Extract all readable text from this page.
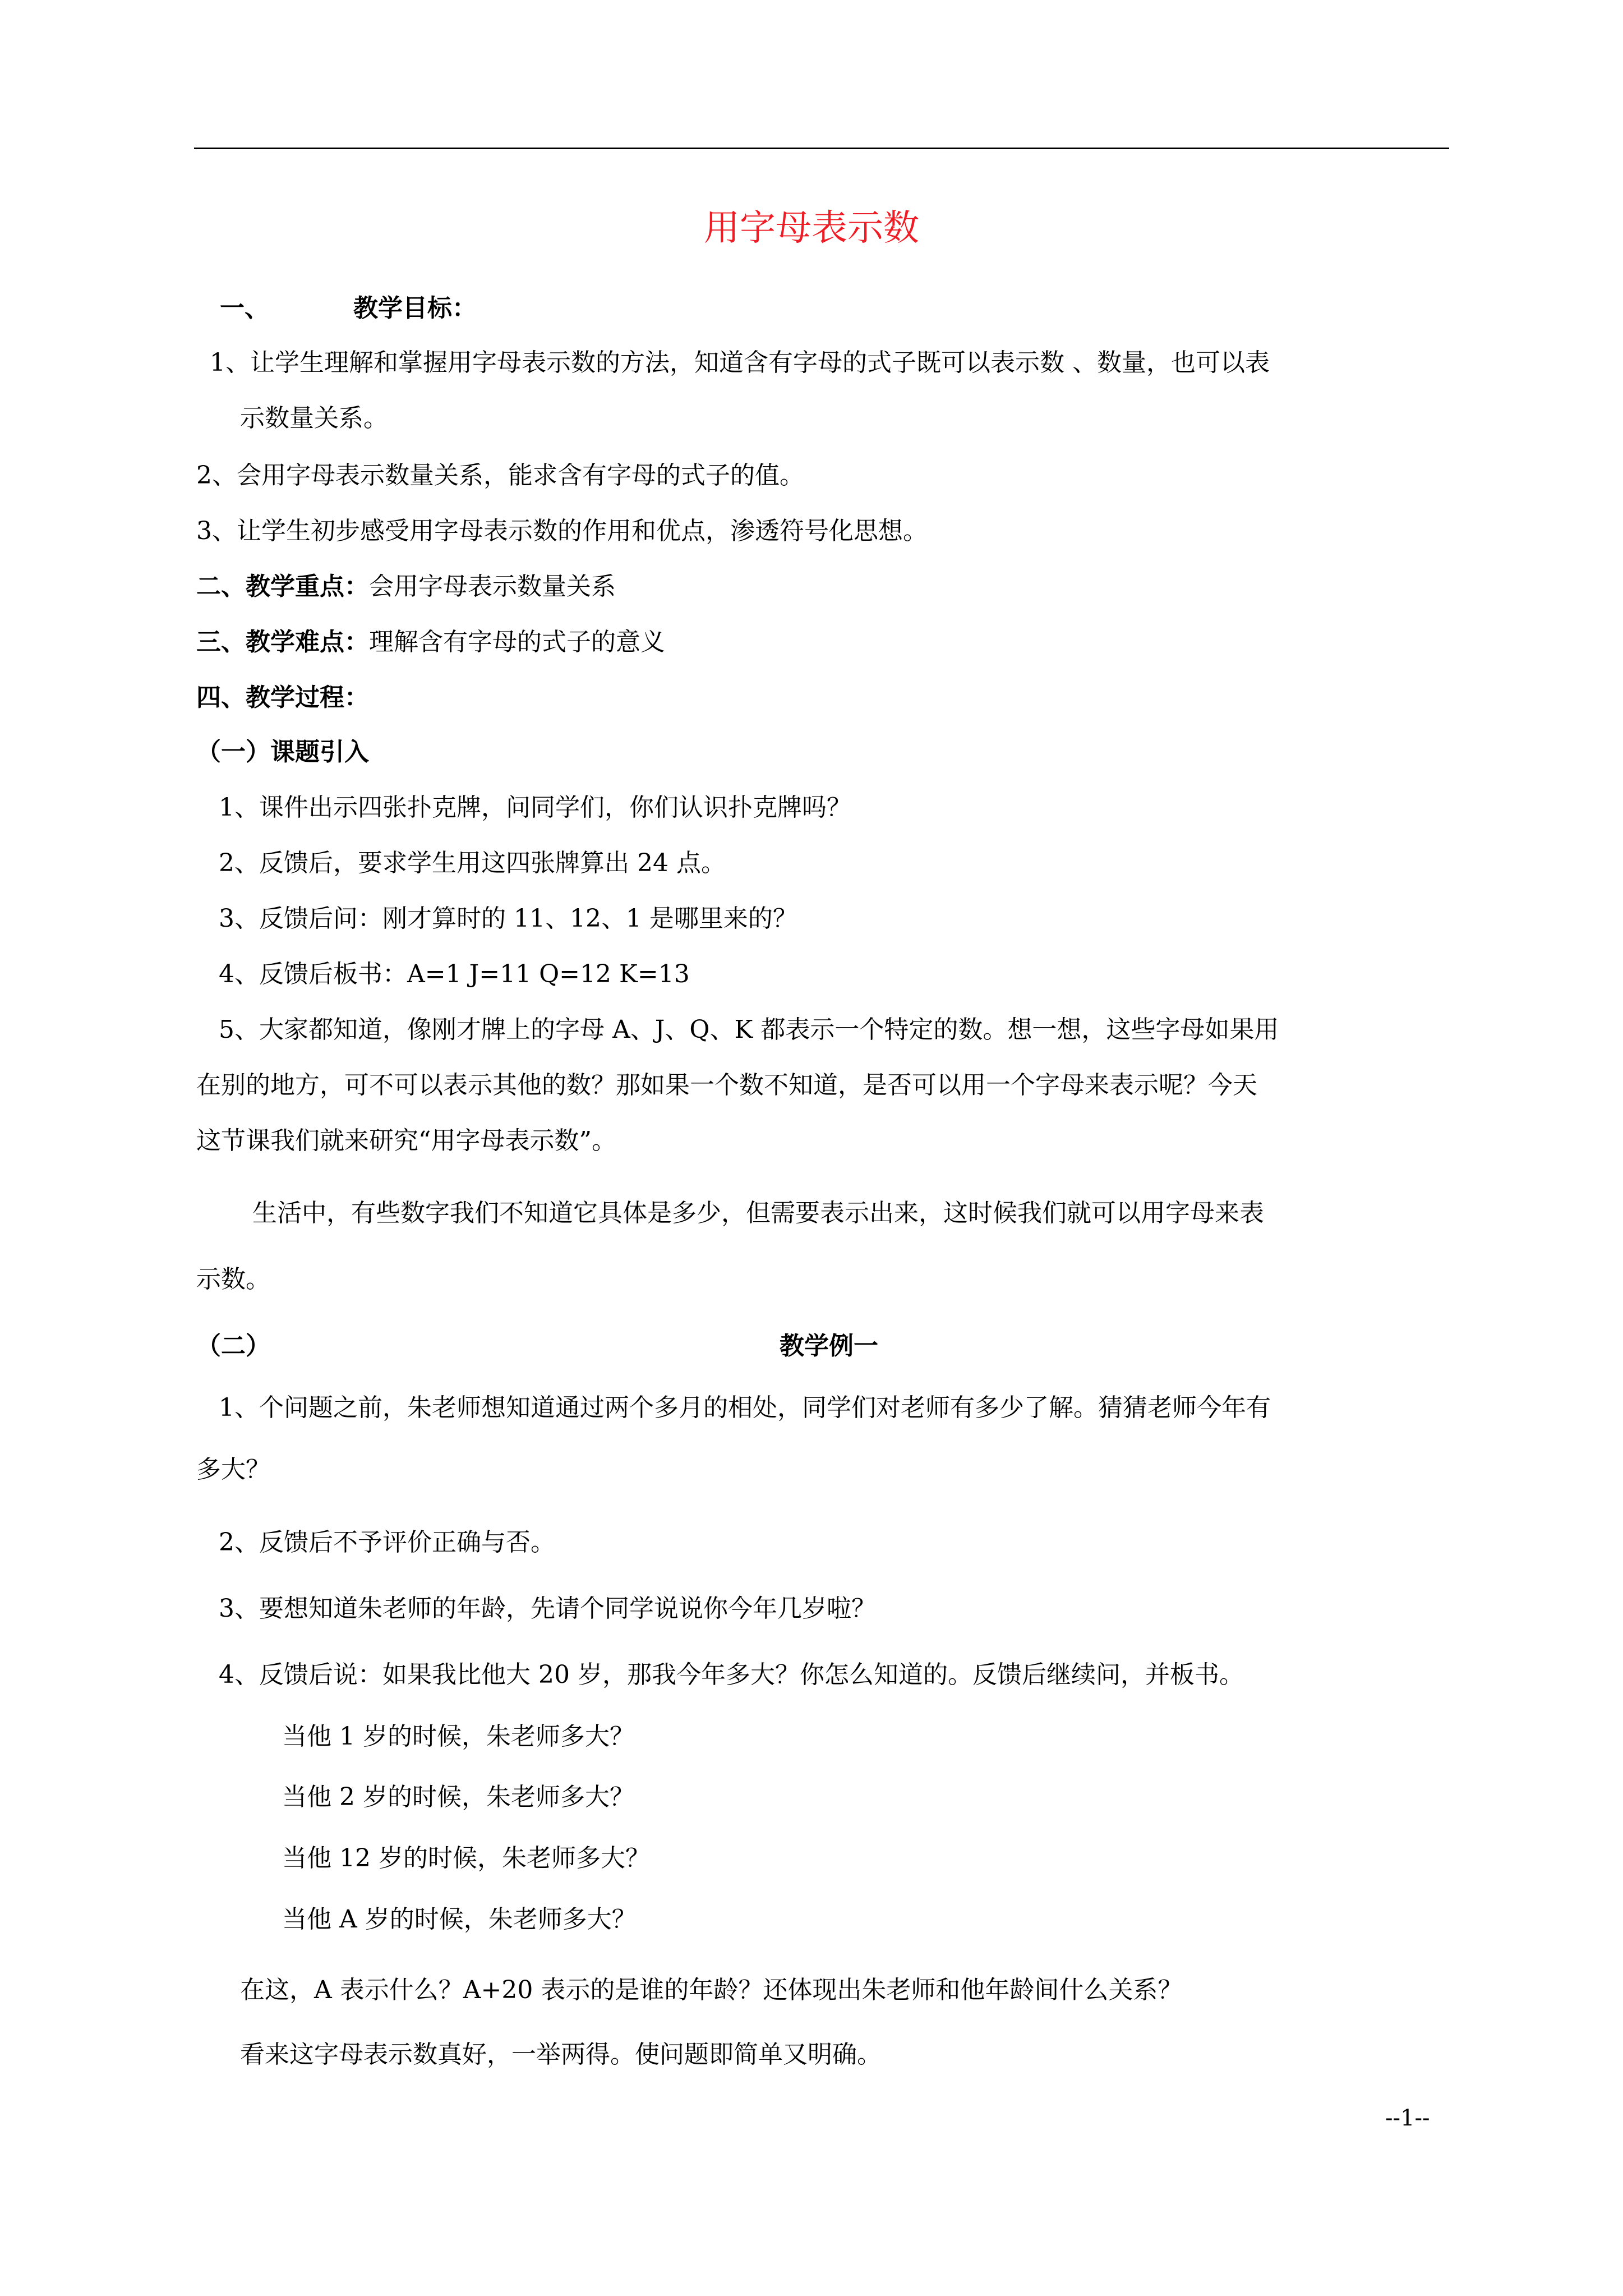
用字母表示数
一、	教学目标：
1、让学生理解和掌握用字母表示数的方法，知道含有字母的式子既可以表示数 、数量，也可以表
示数量关系。
2、会用字母表示数量关系，能求含有字母的式子的值。
3、让学生初步感受用字母表示数的作用和优点，渗透符号化思想。
二、教学重点：会用字母表示数量关系
三、教学难点：理解含有字母的式子的意义
四、教学过程：
（一）课题引入
1、课件出示四张扑克牌，问同学们，你们认识扑克牌吗？
2、反馈后，要求学生用这四张牌算出 24 点。
3、反馈后问：刚才算时的 11、12、1 是哪里来的？
4、反馈后板书：A=1 J=11 Q=12 K=13
5、大家都知道，像刚才牌上的字母 A、J、Q、K 都表示一个特定的数。想一想，这些字母如果用
在别的地方，可不可以表示其他的数？那如果一个数不知道，是否可以用一个字母来表示呢？今天
这节课我们就来研究“用字母表示数”。
生活中，有些数字我们不知道它具体是多少，但需要表示出来，这时候我们就可以用字母来表
示数。
（二）	教学例一
1、个问题之前，朱老师想知道通过两个多月的相处，同学们对老师有多少了解。猜猜老师今年有
多大？
2、反馈后不予评价正确与否。
3、要想知道朱老师的年龄，先请个同学说说你今年几岁啦？
4、反馈后说：如果我比他大 20 岁，那我今年多大？你怎么知道的。反馈后继续问，并板书。
当他 1 岁的时候，朱老师多大？
当他 2 岁的时候，朱老师多大？
当他 12 岁的时候，朱老师多大？
当他 A 岁的时候，朱老师多大？
在这，A 表示什么？A+20 表示的是谁的年龄？还体现出朱老师和他年龄间什么关系？
看来这字母表示数真好，一举两得。使问题即简单又明确。
--1--
